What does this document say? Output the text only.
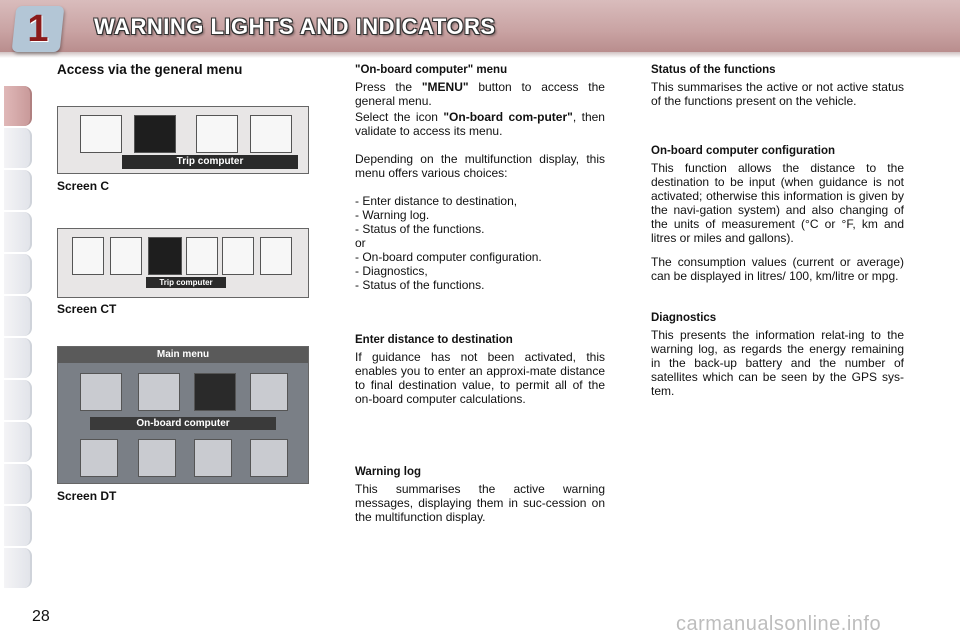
1	WARNING LIGHTS AND INDICATORS
Access via the general menu
Trip computer
Screen C
Trip computer
Screen CT
Main menu
On-board computer
Screen DT
"On-board computer" menu

Press the "MENU" button to access the general menu.

Select the icon "On-board com-puter", then validate to access its menu.

Depending on the multifunction display, this menu offers various choices:

- Enter distance to destination,
- Warning log.
- Status of the functions.
or
- On-board computer configuration.
- Diagnostics,
- Status of the functions.
Enter distance to destination

If guidance has not been activated, this enables you to enter an approxi-mate distance to final destination value, to permit all of the on-board computer calculations.

Warning log

This summarises the active warning messages, displaying them in suc-cession on the multifunction display.

Status of the functions

This summarises the active or not active status of the functions present on the vehicle.

On-board computer configuration

This function allows the distance to the destination to be input (when guidance is not activated; otherwise this information is given by the navi-gation system) and also changing of the units of measurement (°C or °F, km and litres or miles and gallons).

The consumption values (current or average) can be displayed in litres/ 100, km/litre or mpg.

Diagnostics

This presents the information relat-ing to the warning log, as regards the energy remaining in the back-up battery and the number of satellites which can be seen by the GPS sys-tem.

28	carmanualsonline.info
